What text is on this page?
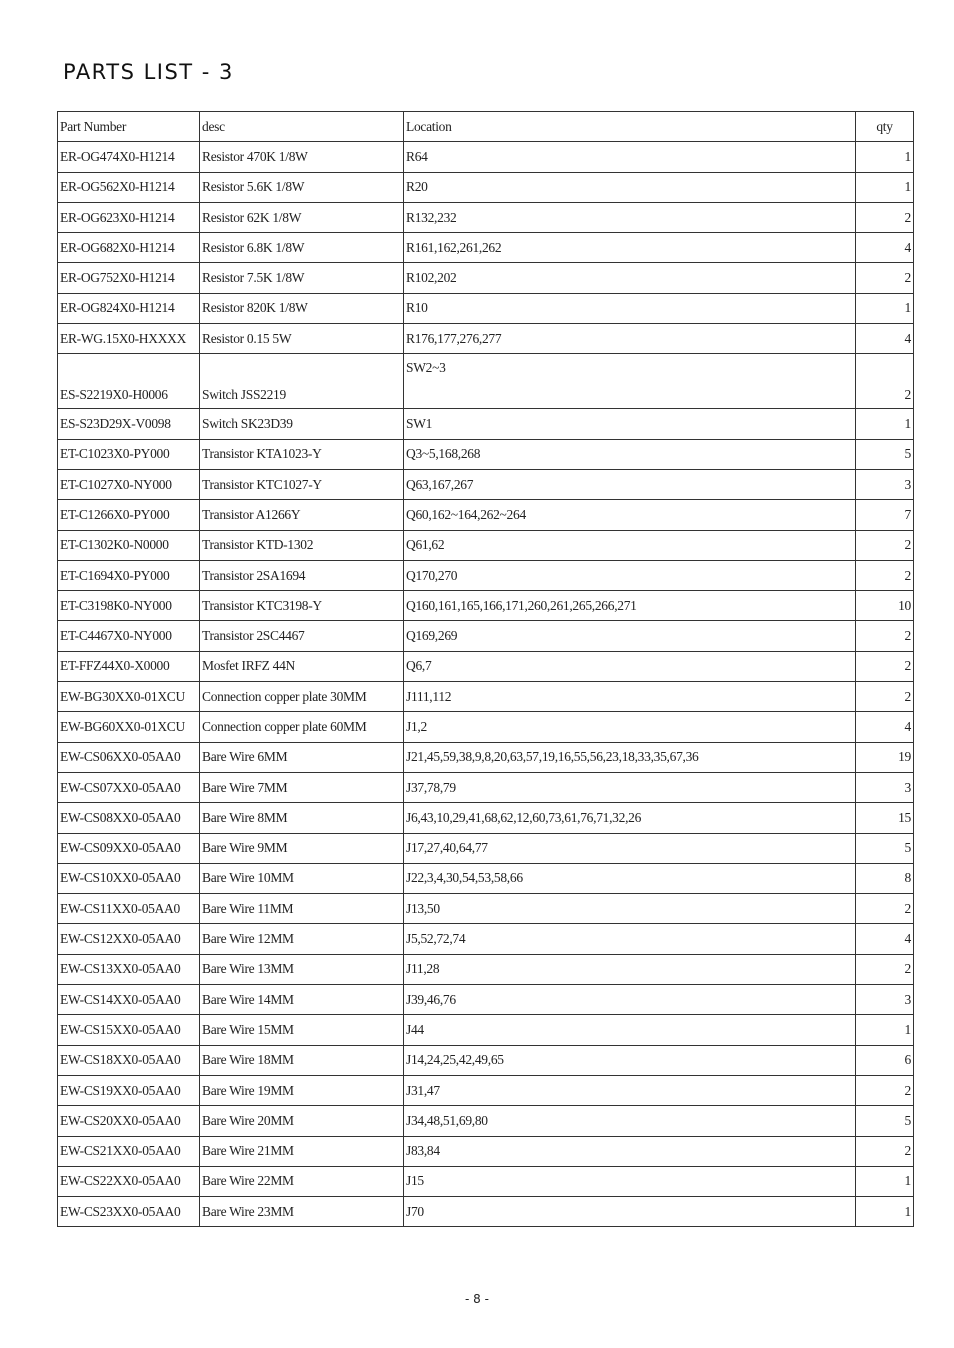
PARTS LIST - 3
Part Number	desc	Location	qty
ER-OG474X0-H1214	Resistor 470K 1/8W	R64	1
ER-OG562X0-H1214	Resistor 5.6K 1/8W	R20	1
ER-OG623X0-H1214	Resistor 62K 1/8W	R132,232	2
ER-OG682X0-H1214	Resistor 6.8K 1/8W	R161,162,261,262	4
ER-OG752X0-H1214	Resistor 7.5K 1/8W	R102,202	2
ER-OG824X0-H1214	Resistor 820K 1/8W	R10	1
ER-WG.15X0-HXXXX	Resistor 0.15 5W	R176,177,276,277	4
ES-S2219X0-H0006	Switch JSS2219	SW2~3	2
ES-S23D29X-V0098	Switch SK23D39	SW1	1
ET-C1023X0-PY000	Transistor KTA1023-Y	Q3~5,168,268	5
ET-C1027X0-NY000	Transistor KTC1027-Y	Q63,167,267	3
ET-C1266X0-PY000	Transistor A1266Y	Q60,162~164,262~264	7
ET-C1302K0-N0000	Transistor KTD-1302	Q61,62	2
ET-C1694X0-PY000	Transistor 2SA1694	Q170,270	2
ET-C3198K0-NY000	Transistor KTC3198-Y	Q160,161,165,166,171,260,261,265,266,271	10
ET-C4467X0-NY000	Transistor 2SC4467	Q169,269	2
ET-FFZ44X0-X0000	Mosfet IRFZ 44N	Q6,7	2
EW-BG30XX0-01XCU	Connection copper plate 30MM	J111,112	2
EW-BG60XX0-01XCU	Connection copper plate 60MM	J1,2	4
EW-CS06XX0-05AA0	Bare Wire 6MM	J21,45,59,38,9,8,20,63,57,19,16,55,56,23,18,33,35,67,36	19
EW-CS07XX0-05AA0	Bare Wire 7MM	J37,78,79	3
EW-CS08XX0-05AA0	Bare Wire 8MM	J6,43,10,29,41,68,62,12,60,73,61,76,71,32,26	15
EW-CS09XX0-05AA0	Bare Wire 9MM	J17,27,40,64,77	5
EW-CS10XX0-05AA0	Bare Wire 10MM	J22,3,4,30,54,53,58,66	8
EW-CS11XX0-05AA0	Bare Wire 11MM	J13,50	2
EW-CS12XX0-05AA0	Bare Wire 12MM	J5,52,72,74	4
EW-CS13XX0-05AA0	Bare Wire 13MM	J11,28	2
EW-CS14XX0-05AA0	Bare Wire 14MM	J39,46,76	3
EW-CS15XX0-05AA0	Bare Wire 15MM	J44	1
EW-CS18XX0-05AA0	Bare Wire 18MM	J14,24,25,42,49,65	6
EW-CS19XX0-05AA0	Bare Wire 19MM	J31,47	2
EW-CS20XX0-05AA0	Bare Wire 20MM	J34,48,51,69,80	5
EW-CS21XX0-05AA0	Bare Wire 21MM	J83,84	2
EW-CS22XX0-05AA0	Bare Wire 22MM	J15	1
EW-CS23XX0-05AA0	Bare Wire 23MM	J70	1
- 8 -
